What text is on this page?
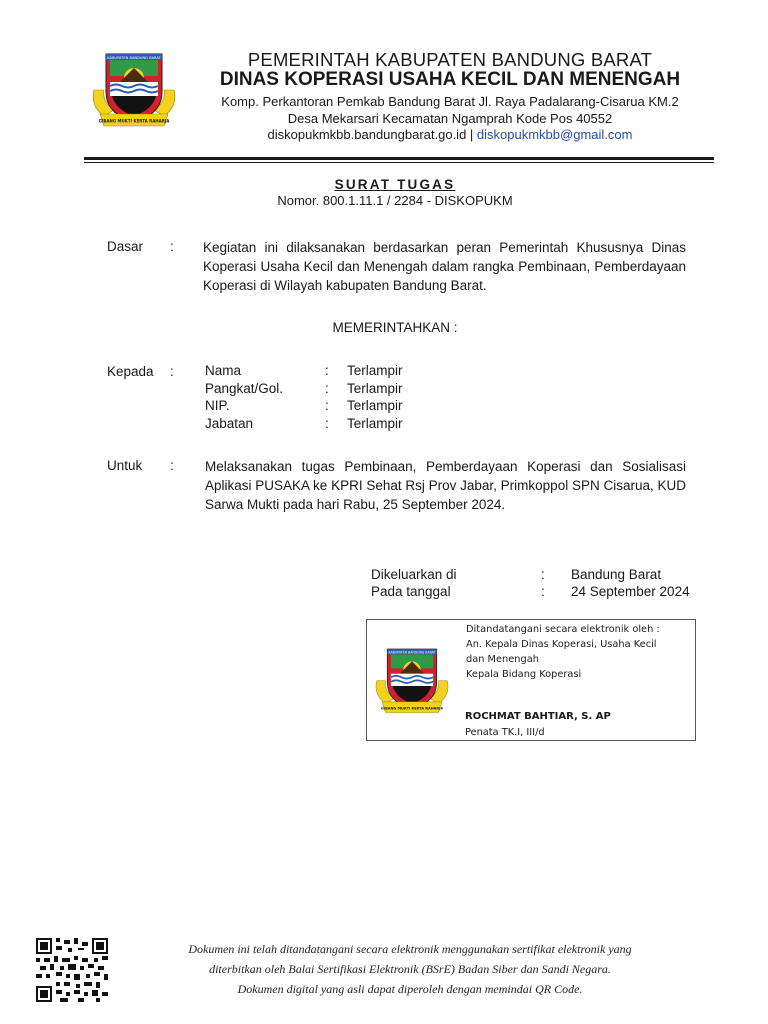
KABUPATEN BANDUNG BARAT
GIBANG MUKTI KERTA RAHARJA
PEMERINTAH KABUPATEN BANDUNG BARAT
DINAS KOPERASI USAHA KECIL DAN MENENGAH
Komp. Perkantoran Pemkab Bandung Barat Jl. Raya Padalarang-Cisarua KM.2
Desa Mekarsari Kecamatan Ngamprah Kode Pos 40552
diskopukmkbb.bandungbarat.go.id | diskopukmkbb@gmail.com
SURAT TUGAS
Nomor. 800.1.11.1 / 2284 - DISKOPUKM
Dasar : Kegiatan ini dilaksanakan berdasarkan peran Pemerintah Khususnya Dinas Koperasi Usaha Kecil dan Menengah dalam rangka Pembinaan, Pemberdayaan Koperasi di Wilayah kabupaten Bandung Barat.
MEMERINTAHKAN :
Kepada : Nama	:	Terlampir
Pangkat/Gol.	:	Terlampir
NIP.	:	Terlampir
Jabatan	:	Terlampir
Untuk : Melaksanakan tugas Pembinaan, Pemberdayaan Koperasi dan Sosialisasi Aplikasi PUSAKA ke KPRI Sehat Rsj Prov Jabar, Primkoppol SPN Cisarua, KUD Sarwa Mukti pada hari Rabu, 25 September 2024.
Dikeluarkan di	:	Bandung Barat
Pada tanggal	:	24 September 2024
KABUPATEN BANDUNG BARAT
GIBANG MUKTI KERTA RAHARJA
Ditandatangani secara elektronik oleh :
An. Kepala Dinas Koperasi, Usaha Kecil
dan Menengah
Kepala Bidang Koperasi
ROCHMAT BAHTIAR, S. AP
Penata TK.I, III/d
Dokumen ini telah ditandatangani secara elektronik menggunakan sertifikat elektronik yang
diterbitkan oleh Balai Sertifikasi Elektronik (BSrE) Badan Siber dan Sandi Negara.
Dokumen digital yang asli dapat diperoleh dengan memindai QR Code.
